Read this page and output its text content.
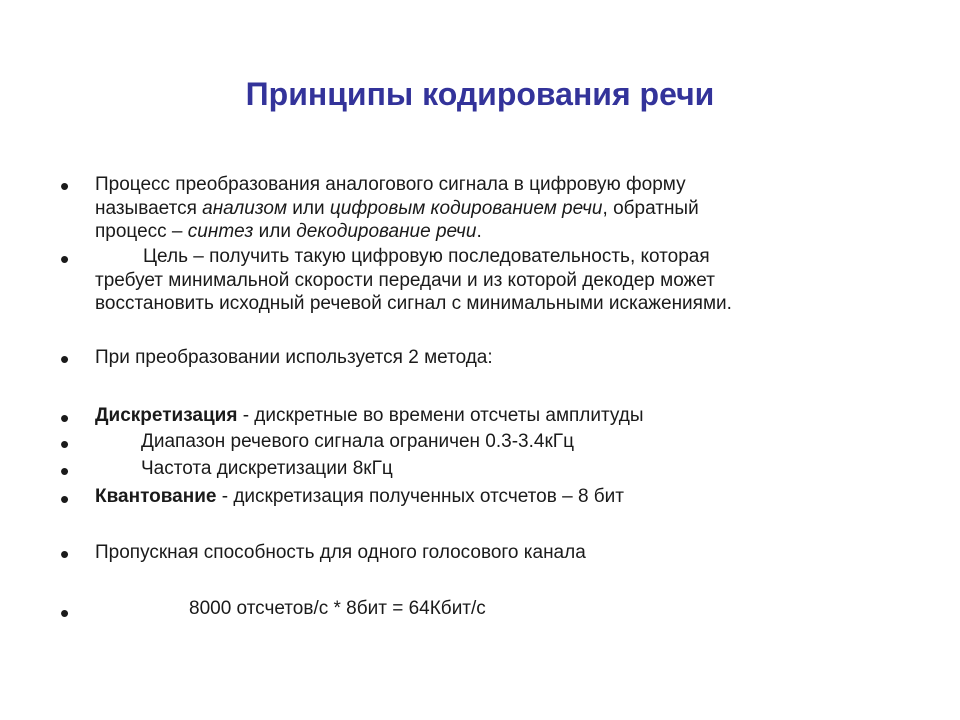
Принципы кодирования речи
• Процесс преобразования аналогового сигнала в цифровую форму
называется анализом или цифровым кодированием речи, обратный
процесс – синтез или декодирование речи.
•	Цель – получить такую цифровую последовательность, которая
требует минимальной скорости передачи и из которой декодер может
восстановить исходный речевой сигнал с минимальными искажениями.
• При преобразовании используется 2 метода:
• Дискретизация - дискретные во времени отсчеты амплитуды
•	Диапазон речевого сигнала ограничен 0.3-3.4кГц
•	Частота дискретизации 8кГц
• Квантование - дискретизация полученных отсчетов – 8 бит
• Пропускная способность для одного голосового канала
•	8000 отсчетов/с * 8бит = 64Кбит/с
